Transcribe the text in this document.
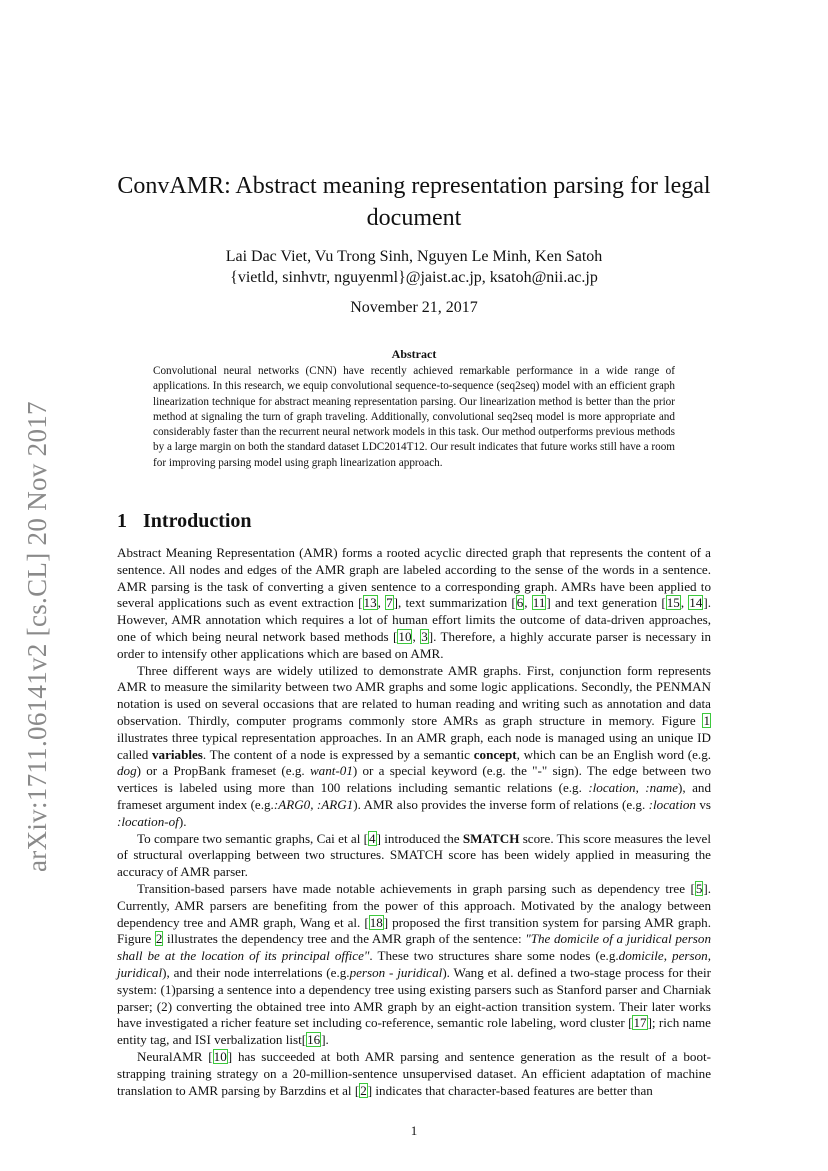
arXiv:1711.06141v2 [cs.CL] 20 Nov 2017
ConvAMR: Abstract meaning representation parsing for legal document
Lai Dac Viet, Vu Trong Sinh, Nguyen Le Minh, Ken Satoh
{vietld, sinhvtr, nguyenml}@jaist.ac.jp, ksatoh@nii.ac.jp
November 21, 2017
Abstract
Convolutional neural networks (CNN) have recently achieved remarkable performance in a wide range of applications. In this research, we equip convolutional sequence-to-sequence (seq2seq) model with an efficient graph linearization technique for abstract meaning representation parsing. Our linearization method is better than the prior method at signaling the turn of graph traveling. Additionally, convolutional seq2seq model is more appropriate and considerably faster than the recurrent neural network models in this task. Our method outperforms previous methods by a large margin on both the standard dataset LDC2014T12. Our result indicates that future works still have a room for improving parsing model using graph linearization approach.
1 Introduction

Abstract Meaning Representation (AMR) forms a rooted acyclic directed graph that represents the content of a sentence. All nodes and edges of the AMR graph are labeled according to the sense of the words in a sentence. AMR parsing is the task of converting a given sentence to a corresponding graph. AMRs have been applied to several applications such as event extraction [13, 7], text summarization [6, 11] and text generation [15, 14]. However, AMR annotation which requires a lot of human effort limits the outcome of data-driven approaches, one of which being neural network based methods [10, 3]. Therefore, a highly accurate parser is necessary in order to intensify other applications which are based on AMR.

Three different ways are widely utilized to demonstrate AMR graphs. First, conjunction form represents AMR to measure the similarity between two AMR graphs and some logic applications. Secondly, the PENMAN notation is used on several occasions that are related to human reading and writing such as annotation and data observation. Thirdly, computer programs commonly store AMRs as graph structure in memory. Figure 1 illustrates three typical representation approaches. In an AMR graph, each node is managed using an unique ID called variables. The content of a node is expressed by a semantic concept, which can be an English word (e.g. dog) or a PropBank frameset (e.g. want-01) or a special keyword (e.g. the "-" sign). The edge between two vertices is labeled using more than 100 relations including semantic relations (e.g. :location, :name), and frameset argument index (e.g.:ARG0, :ARG1). AMR also provides the inverse form of relations (e.g. :location vs :location-of).

To compare two semantic graphs, Cai et al [4] introduced the SMATCH score. This score measures the level of structural overlapping between two structures. SMATCH score has been widely applied in measuring the accuracy of AMR parser.

Transition-based parsers have made notable achievements in graph parsing such as dependency tree [5]. Currently, AMR parsers are benefiting from the power of this approach. Motivated by the analogy between dependency tree and AMR graph, Wang et al. [18] proposed the first transition system for parsing AMR graph. Figure 2 illustrates the dependency tree and the AMR graph of the sentence: "The domicile of a juridical person shall be at the location of its principal office". These two structures share some nodes (e.g.domicile, person, juridical), and their node interrelations (e.g.person - juridical). Wang et al. defined a two-stage process for their system: (1)parsing a sentence into a dependency tree using existing parsers such as Stanford parser and Charniak parser; (2) converting the obtained tree into AMR graph by an eight-action transition system. Their later works have investigated a richer feature set including co-reference, semantic role labeling, word cluster [17]; rich name entity tag, and ISI verbalization list[16].

NeuralAMR [10] has succeeded at both AMR parsing and sentence generation as the result of a boot-strapping training strategy on a 20-million-sentence unsupervised dataset. An efficient adaptation of machine translation to AMR parsing by Barzdins et al [2] indicates that character-based features are better than

1
